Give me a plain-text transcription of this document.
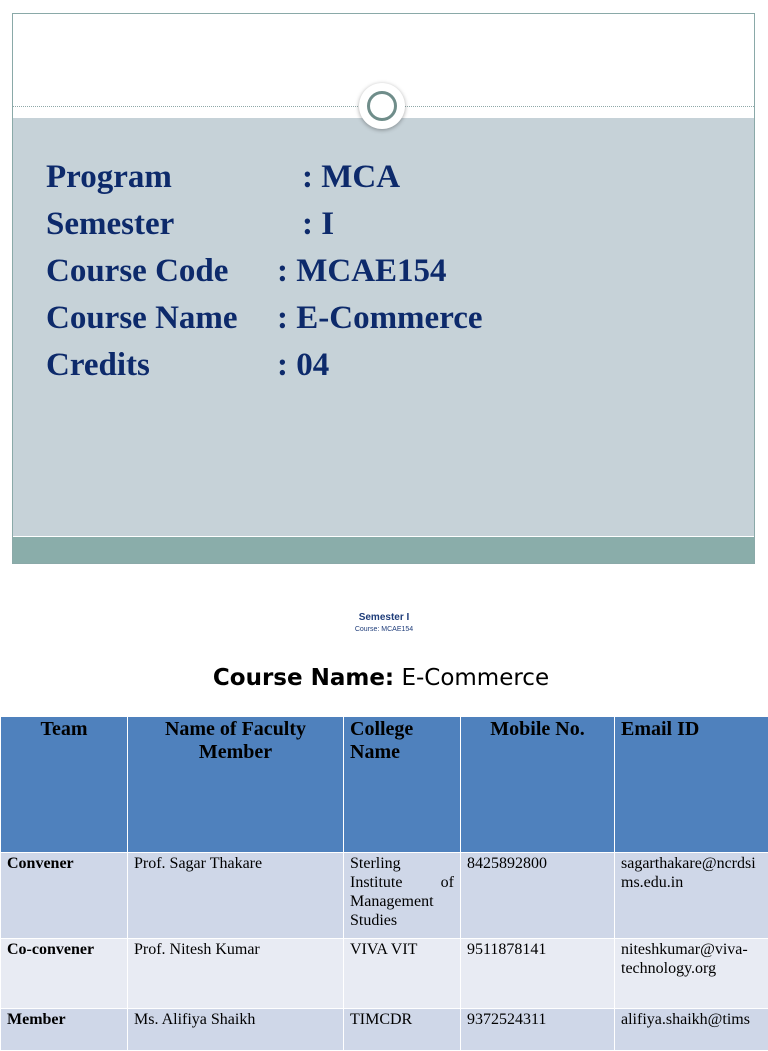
Program	: MCA
Semester	: I
Course Code : MCAE154
Course Name : E-Commerce
Credits	: 04
Semester I
Course: MCAE154
Course Name: E-Commerce
Team	Name of Faculty Member	College Name	Mobile No.	Email ID
Convener	Prof. Sagar Thakare	Sterling Institute of Management Studies	8425892800	sagarthakare@ncrdsims.edu.in
Co-convener	Prof. Nitesh Kumar	VIVA VIT	9511878141	niteshkumar@viva-technology.org
Member	Ms. Alifiya Shaikh	TIMCDR	9372524311	alifiya.shaikh@tims
